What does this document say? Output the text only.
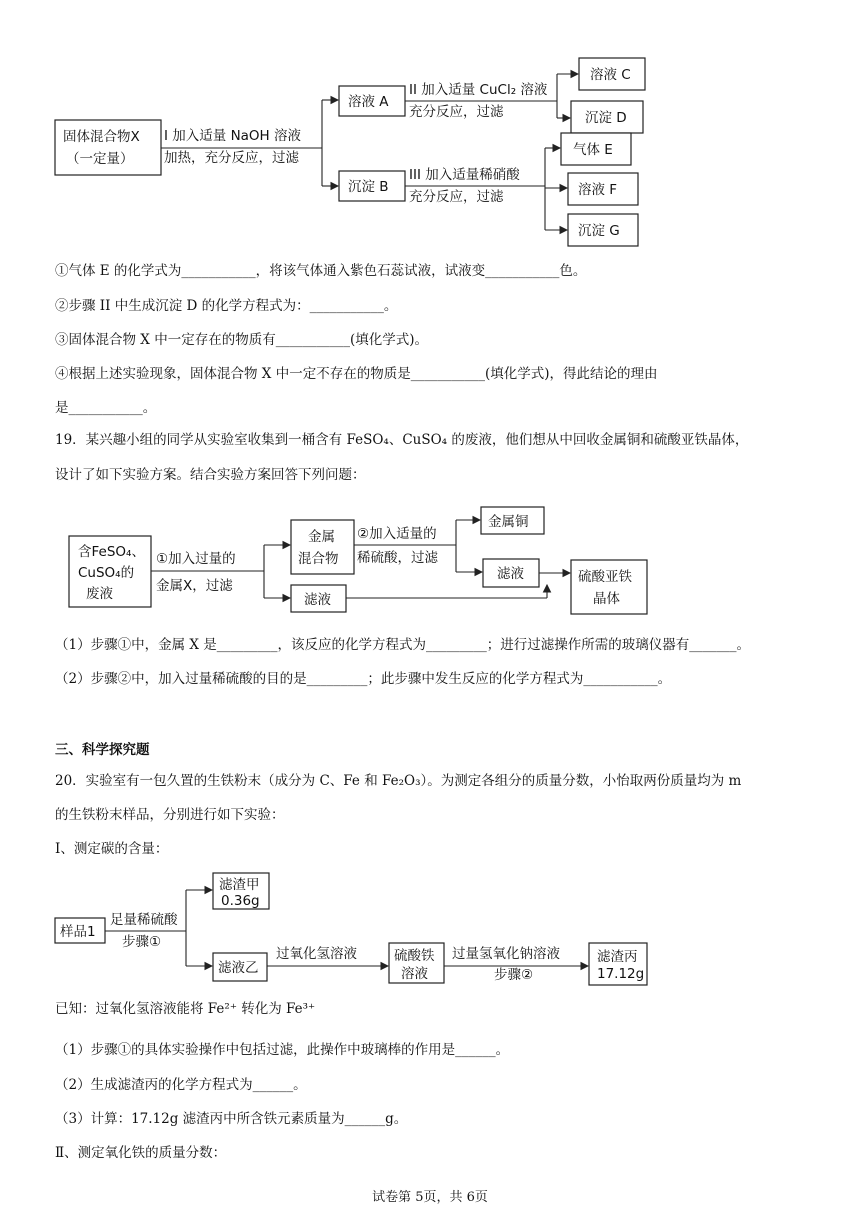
固体混合物X
（一定量）
I 加入适量 NaOH 溶液
加热，充分反应，过滤
溶液 A
沉淀 B
II 加入适量 CuCl₂ 溶液
充分反应，过滤
溶液 C
沉淀 D
III 加入适量稀硝酸
充分反应，过滤
气体 E
溶液 F
沉淀 G
含FeSO₄、
CuSO₄的
废液
①加入过量的
金属X，过滤
金属
混合物
②加入适量的
稀硫酸，过滤
金属铜
滤液
滤液
硫酸亚铁
晶体
样品1
足量稀硫酸
步骤①
滤渣甲
0.36g
滤液乙
过氧化氢溶液	硫酸铁
溶液
过量氢氧化钠溶液
步骤②
滤渣丙
17.12g
①气体 E 的化学式为___________，将该气体通入紫色石蕊试液，试液变___________色。
②步骤 II 中生成沉淀 D 的化学方程式为：___________。
③固体混合物 X 中一定存在的物质有___________(填化学式)。
④根据上述实验现象，固体混合物 X 中一定不存在的物质是___________(填化学式)，得此结论的理由
是___________。
19．某兴趣小组的同学从实验室收集到一桶含有 FeSO₄、CuSO₄ 的废液，他们想从中回收金属铜和硫酸亚铁晶体，
设计了如下实验方案。结合实验方案回答下列问题：
（1）步骤①中，金属 X 是_________，该反应的化学方程式为_________；进行过滤操作所需的玻璃仪器有_______。
（2）步骤②中，加入过量稀硫酸的目的是_________；此步骤中发生反应的化学方程式为___________。
三、科学探究题
20．实验室有一包久置的生铁粉末（成分为 C、Fe 和 Fe₂O₃）。为测定各组分的质量分数，小怡取两份质量均为 m
的生铁粉末样品，分别进行如下实验：
Ⅰ、测定碳的含量：
已知：过氧化氢溶液能将 Fe²⁺ 转化为 Fe³⁺
（1）步骤①的具体实验操作中包括过滤，此操作中玻璃棒的作用是______。
（2）生成滤渣丙的化学方程式为______。
（3）计算：17.12g 滤渣丙中所含铁元素质量为______g。
Ⅱ、测定氧化铁的质量分数：
试卷第 5页，共 6页
